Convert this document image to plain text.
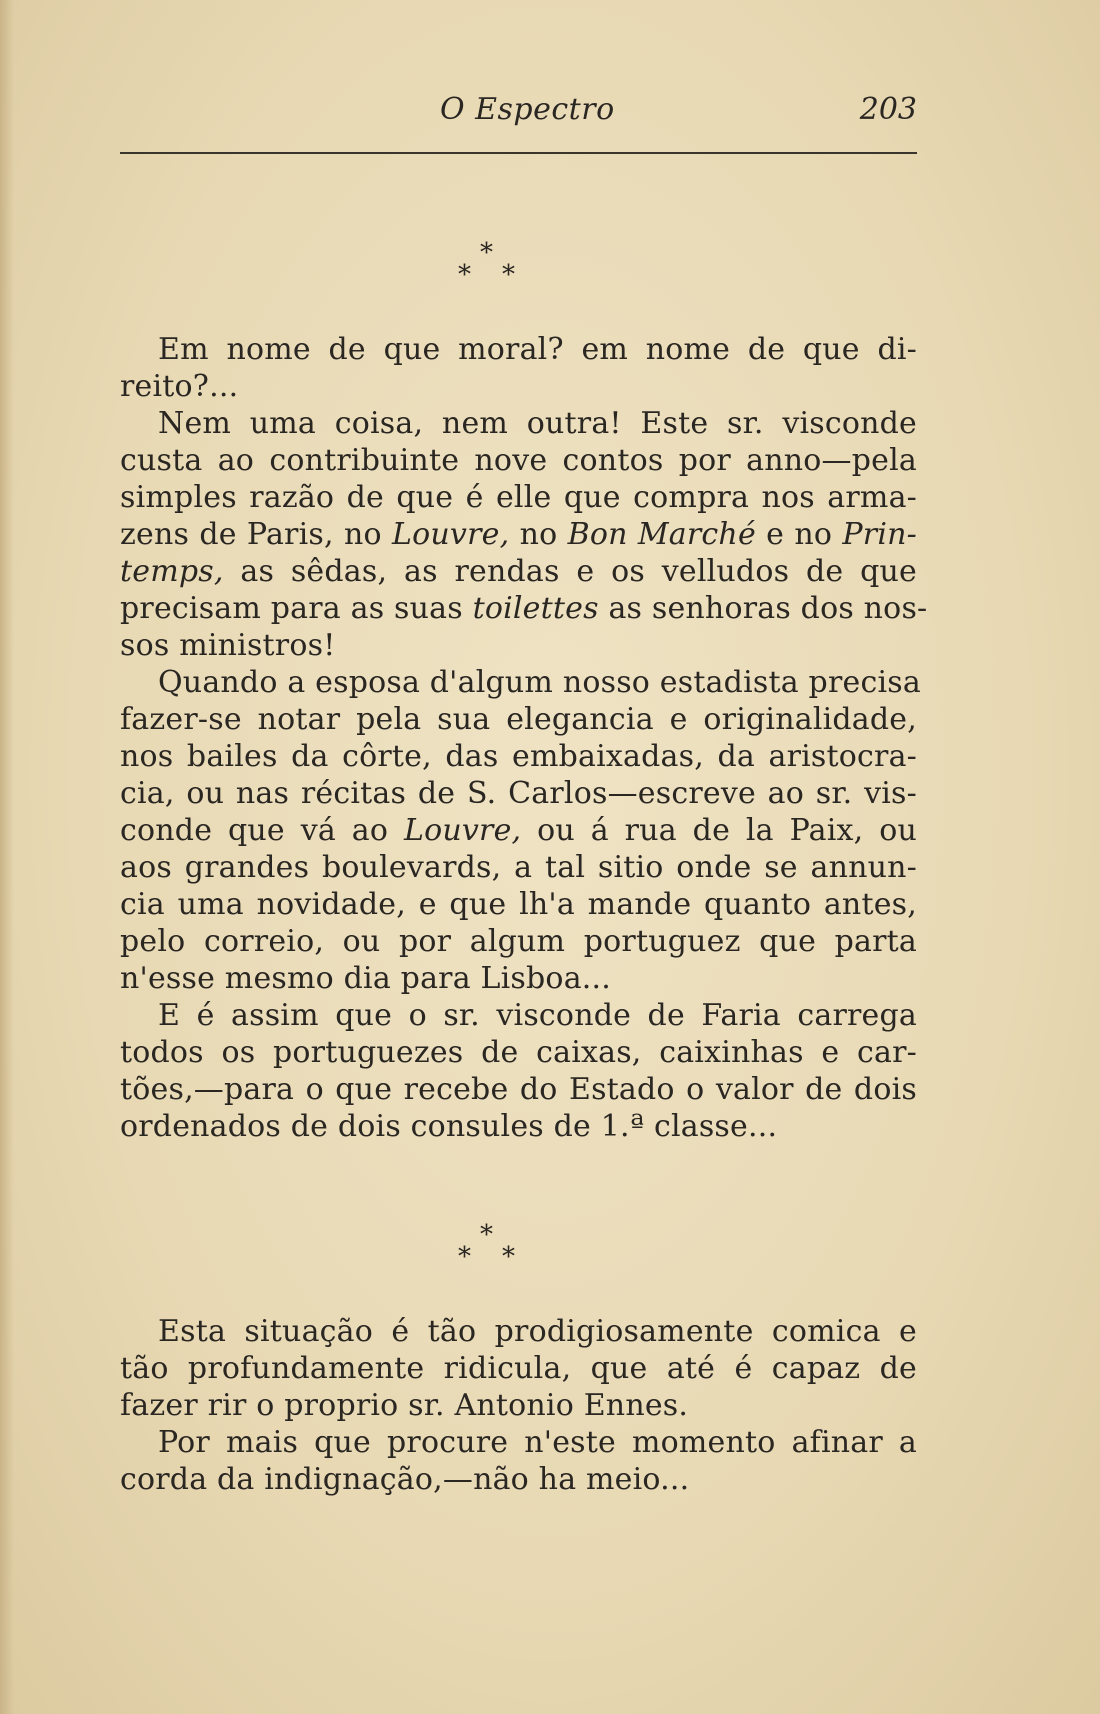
O Espectro	203
*
* *
Em nome de que moral? em nome de que di-
reito?...
Nem uma coisa, nem outra! Este sr. visconde
custa ao contribuinte nove contos por anno—pela
simples razão de que é elle que compra nos arma-
zens de Paris, no Louvre, no Bon Marché e no Prin-
temps, as sêdas, as rendas e os velludos de que
precisam para as suas toilettes as senhoras dos nos-
sos ministros!
Quando a esposa d'algum nosso estadista precisa
fazer-se notar pela sua elegancia e originalidade,
nos bailes da côrte, das embaixadas, da aristocra-
cia, ou nas récitas de S. Carlos—escreve ao sr. vis-
conde que vá ao Louvre, ou á rua de la Paix, ou
aos grandes boulevards, a tal sitio onde se annun-
cia uma novidade, e que lh'a mande quanto antes,
pelo correio, ou por algum portuguez que parta
n'esse mesmo dia para Lisboa...
E é assim que o sr. visconde de Faria carrega
todos os portuguezes de caixas, caixinhas e car-
tões,—para o que recebe do Estado o valor de dois
ordenados de dois consules de 1.ª classe...
*
* *
Esta situação é tão prodigiosamente comica e
tão profundamente ridicula, que até é capaz de
fazer rir o proprio sr. Antonio Ennes.
Por mais que procure n'este momento afinar a
corda da indignação,—não ha meio...
